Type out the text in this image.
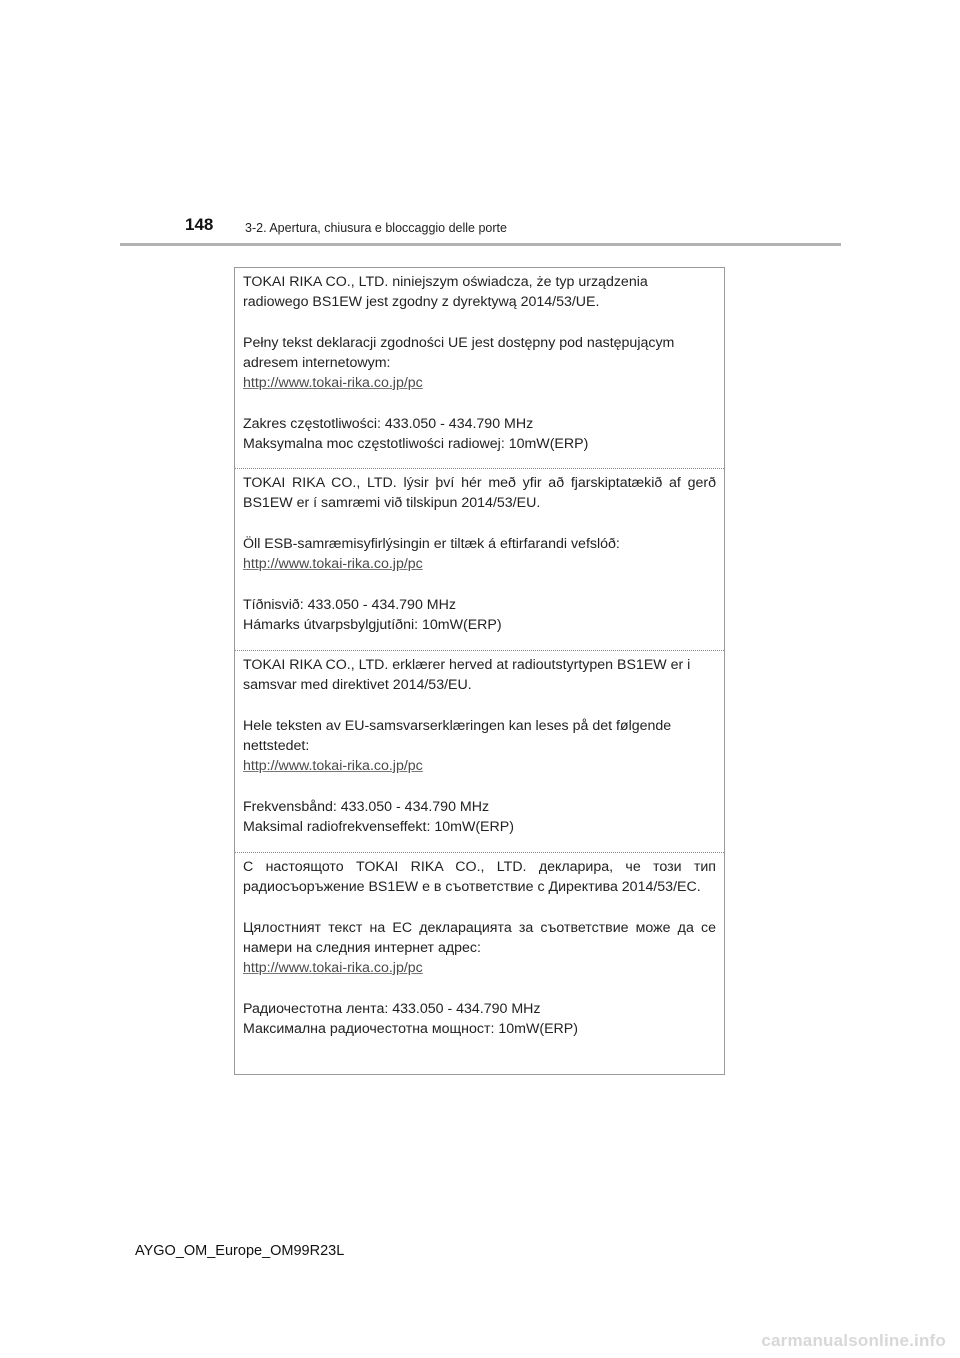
148	3-2. Apertura, chiusura e bloccaggio delle porte

TOKAI RIKA CO., LTD. niniejszym oświadcza, że typ urządzenia radiowego BS1EW jest zgodny z dyrektywą 2014/53/UE.

Pełny tekst deklaracji zgodności UE jest dostępny pod następującym adresem internetowym:

http://www.tokai-rika.co.jp/pc

Zakres częstotliwości: 433.050 - 434.790 MHz

Maksymalna moc częstotliwości radiowej: 10mW(ERP)

TOKAI RIKA CO., LTD. lýsir því hér með yfir að fjarskiptatækið af gerð BS1EW er í samræmi við tilskipun 2014/53/EU.

Öll ESB-samræmisyfirlýsingin er tiltæk á eftirfarandi vefslóð:

http://www.tokai-rika.co.jp/pc

Tíðnisvið: 433.050 - 434.790 MHz

Hámarks útvarpsbylgjutíðni: 10mW(ERP)

TOKAI RIKA CO., LTD. erklærer herved at radioutstyrtypen BS1EW er i samsvar med direktivet 2014/53/EU.

Hele teksten av EU-samsvarserklæringen kan leses på det følgende nettstedet:

http://www.tokai-rika.co.jp/pc

Frekvensbånd: 433.050 - 434.790 MHz

Maksimal radiofrekvenseffekt: 10mW(ERP)

С настоящото TOKAI RIKA CO., LTD. декларира, че този тип радиосъоръжение BS1EW е в съответствие с Директива 2014/53/ЕС.

Цялостният текст на ЕС декларацията за съответствие може да се намери на следния интернет адрес:

http://www.tokai-rika.co.jp/pc

Радиочестотна лента: 433.050 - 434.790 MHz

Максимална радиочестотна мощност: 10mW(ERP)

AYGO_OM_Europe_OM99R23L
carmanualsonline.info
